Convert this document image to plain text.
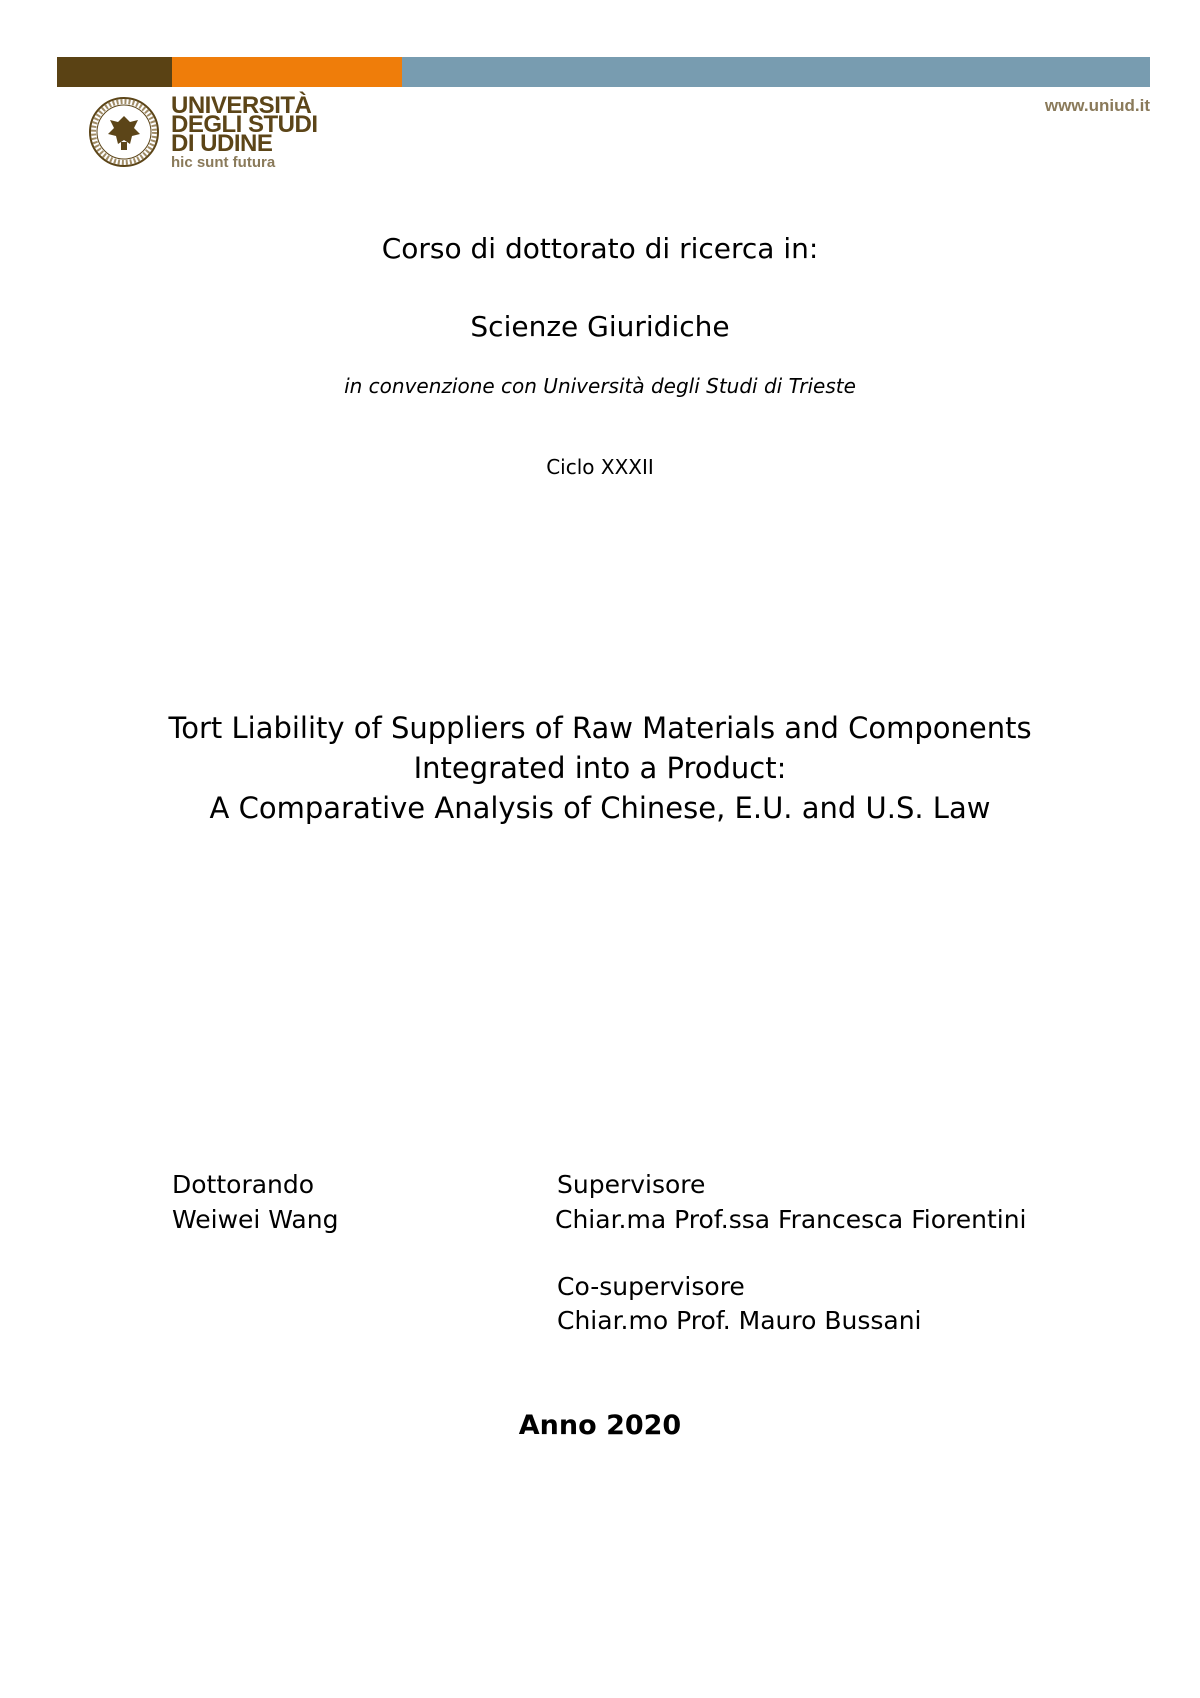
www.uniud.it
UNIVERSITÀ
DEGLI STUDI
DI UDINE
hic sunt futura
Corso di dottorato di ricerca in:
Scienze Giuridiche
in convenzione con Università degli Studi di Trieste
Ciclo XXXII
Tort Liability of Suppliers of Raw Materials and Components
Integrated into a Product:
A Comparative Analysis of Chinese, E.U. and U.S. Law
Dottorando
Weiwei Wang
Supervisore
Chiar.ma Prof.ssa Francesca Fiorentini
Co-supervisore
Chiar.mo Prof. Mauro Bussani
Anno 2020
